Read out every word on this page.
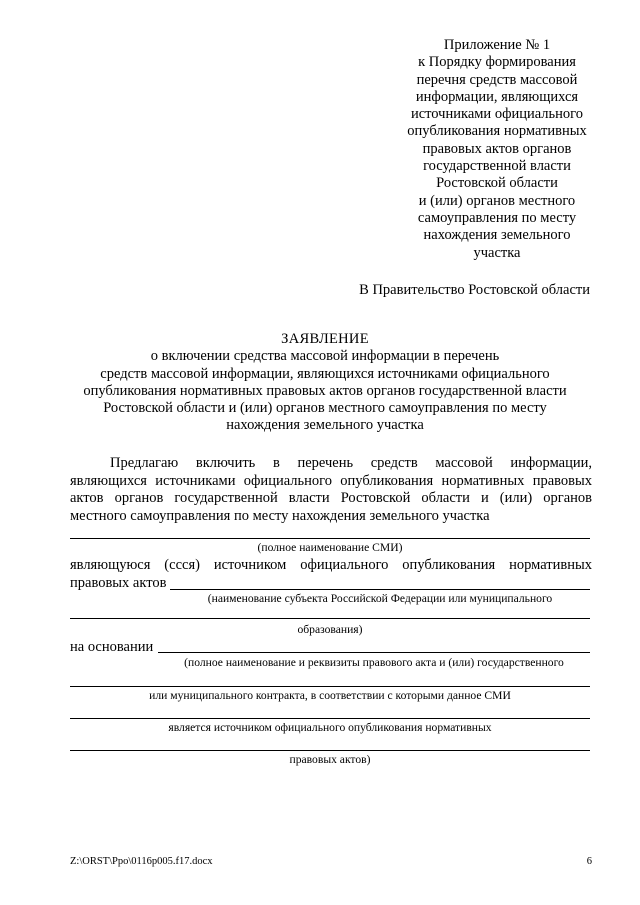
Приложение № 1
к Порядку формирования
перечня средств массовой
информации, являющихся
источниками официального
опубликования нормативных
правовых актов органов
государственной власти
Ростовской области
и (или) органов местного
самоуправления по месту
нахождения земельного
участка
В Правительство Ростовской области
ЗАЯВЛЕНИЕ
о включении средства массовой информации в перечень
средств массовой информации, являющихся источниками официального
опубликования нормативных правовых актов органов государственной власти
Ростовской области и (или) органов местного самоуправления по месту
нахождения земельного участка
Предлагаю включить в перечень средств массовой информации,
являющихся источниками официального опубликования нормативных правовых
актов органов государственной власти Ростовской области и (или) органов
местного самоуправления по месту нахождения земельного участка
(полное наименование СМИ)
являющуюся (ссся) источником официального опубликования нормативных
правовых актов
(наименование субъекта Российской Федерации или муниципального
образования)
на основании
(полное наименование и реквизиты правового акта и (или) государственного
или муниципального контракта, в соответствии с которыми данное СМИ
является источником официального опубликования нормативных
правовых актов)
Z:\ORST\Ppo\0116p005.f17.docx	6
